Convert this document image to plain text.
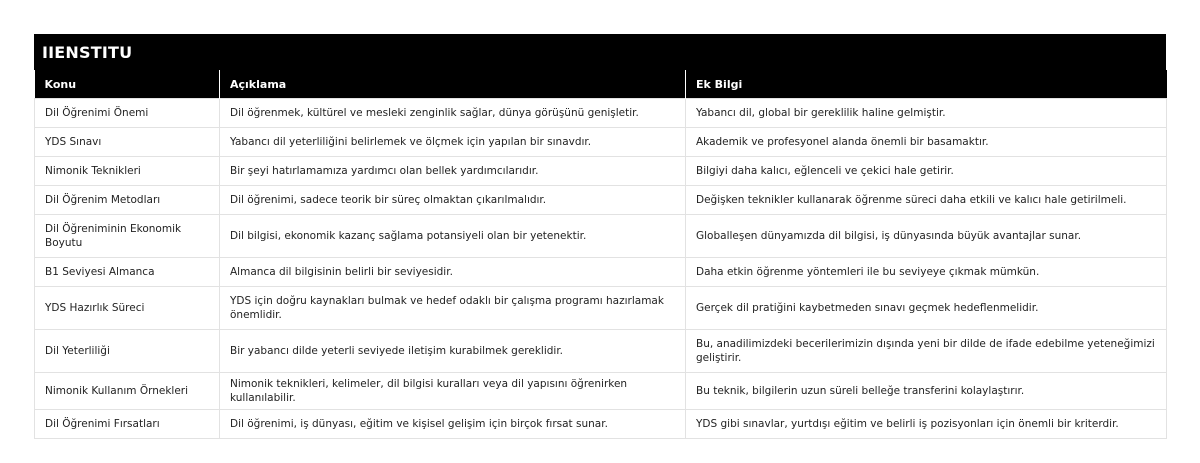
IIENSTITU
Konu	Açıklama	Ek Bilgi
Dil Öğrenimi Önemi	Dil öğrenmek, kültürel ve mesleki zenginlik sağlar, dünya görüşünü genişletir.	Yabancı dil, global bir gereklilik haline gelmiştir.
YDS Sınavı	Yabancı dil yeterliliğini belirlemek ve ölçmek için yapılan bir sınavdır.	Akademik ve profesyonel alanda önemli bir basamaktır.
Nimonik Teknikleri	Bir şeyi hatırlamamıza yardımcı olan bellek yardımcılarıdır.	Bilgiyi daha kalıcı, eğlenceli ve çekici hale getirir.
Dil Öğrenim Metodları	Dil öğrenimi, sadece teorik bir süreç olmaktan çıkarılmalıdır.	Değişken teknikler kullanarak öğrenme süreci daha etkili ve kalıcı hale getirilmeli.
Dil Öğreniminin Ekonomik Boyutu	Dil bilgisi, ekonomik kazanç sağlama potansiyeli olan bir yetenektir.	Globalleşen dünyamızda dil bilgisi, iş dünyasında büyük avantajlar sunar.
B1 Seviyesi Almanca	Almanca dil bilgisinin belirli bir seviyesidir.	Daha etkin öğrenme yöntemleri ile bu seviyeye çıkmak mümkün.
YDS Hazırlık Süreci	YDS için doğru kaynakları bulmak ve hedef odaklı bir çalışma programı hazırlamak önemlidir.	Gerçek dil pratiğini kaybetmeden sınavı geçmek hedeflenmelidir.
Dil Yeterliliği	Bir yabancı dilde yeterli seviyede iletişim kurabilmek gereklidir.	Bu, anadilimizdeki becerilerimizin dışında yeni bir dilde de ifade edebilme yeteneğimizi geliştirir.
Nimonik Kullanım Örnekleri	Nimonik teknikleri, kelimeler, dil bilgisi kuralları veya dil yapısını öğrenirken kullanılabilir.	Bu teknik, bilgilerin uzun süreli belleğe transferini kolaylaştırır.
Dil Öğrenimi Fırsatları	Dil öğrenimi, iş dünyası, eğitim ve kişisel gelişim için birçok fırsat sunar.	YDS gibi sınavlar, yurtdışı eğitim ve belirli iş pozisyonları için önemli bir kriterdir.
